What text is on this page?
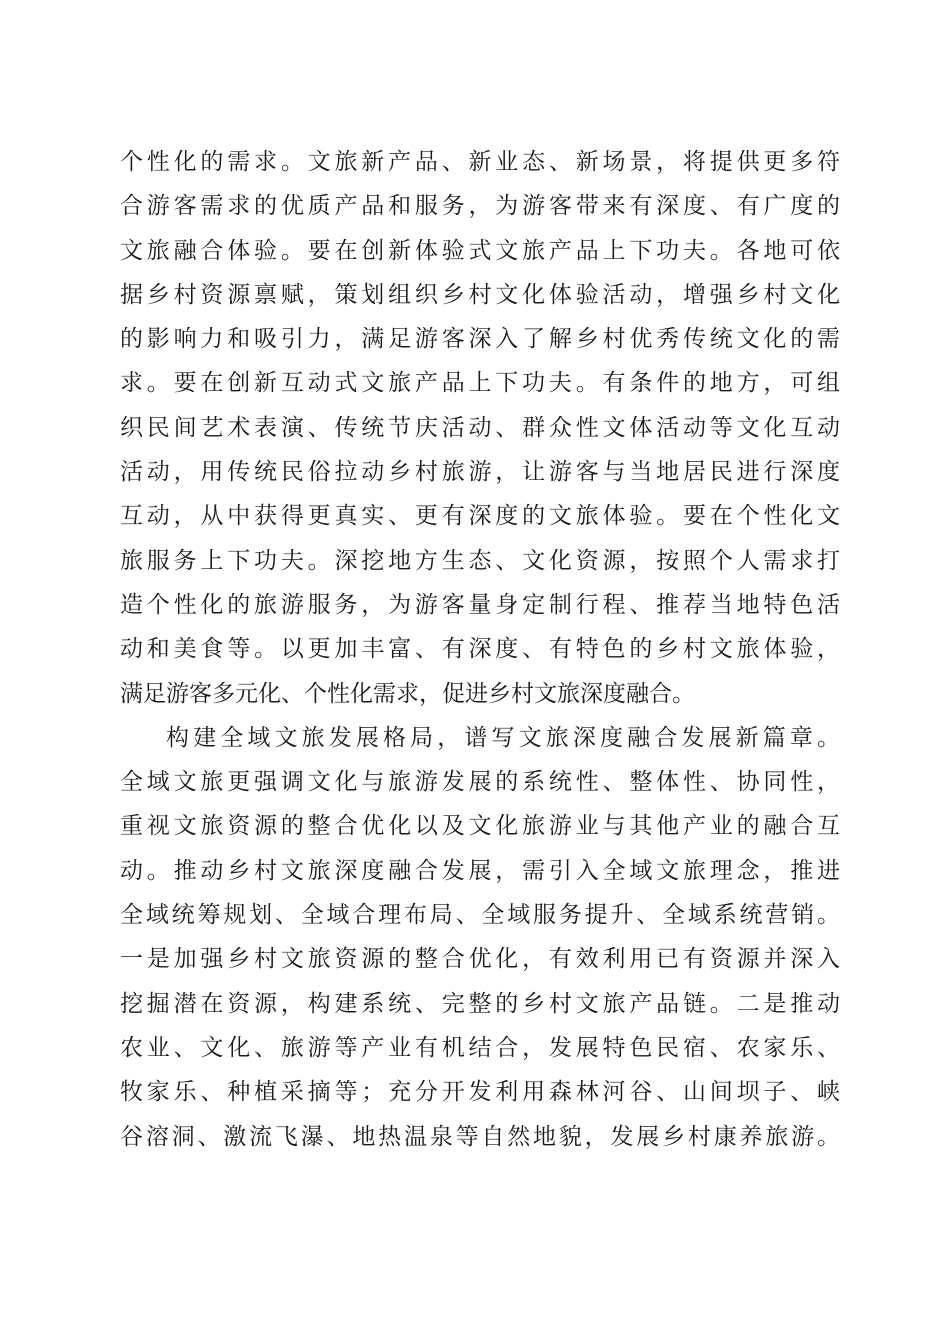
个性化的需求。文旅新产品、新业态、新场景，将提供更多符
合游客需求的优质产品和服务，为游客带来有深度、有广度的
文旅融合体验。要在创新体验式文旅产品上下功夫。各地可依
据乡村资源禀赋，策划组织乡村文化体验活动，增强乡村文化
的影响力和吸引力，满足游客深入了解乡村优秀传统文化的需
求。要在创新互动式文旅产品上下功夫。有条件的地方，可组
织民间艺术表演、传统节庆活动、群众性文体活动等文化互动
活动，用传统民俗拉动乡村旅游，让游客与当地居民进行深度
互动，从中获得更真实、更有深度的文旅体验。要在个性化文
旅服务上下功夫。深挖地方生态、文化资源，按照个人需求打
造个性化的旅游服务，为游客量身定制行程、推荐当地特色活
动和美食等。以更加丰富、有深度、有特色的乡村文旅体验，
满足游客多元化、个性化需求，促进乡村文旅深度融合。
构建全域文旅发展格局，谱写文旅深度融合发展新篇章。
全域文旅更强调文化与旅游发展的系统性、整体性、协同性，
重视文旅资源的整合优化以及文化旅游业与其他产业的融合互
动。推动乡村文旅深度融合发展，需引入全域文旅理念，推进
全域统筹规划、全域合理布局、全域服务提升、全域系统营销。
一是加强乡村文旅资源的整合优化，有效利用已有资源并深入
挖掘潜在资源，构建系统、完整的乡村文旅产品链。二是推动
农业、文化、旅游等产业有机结合，发展特色民宿、农家乐、
牧家乐、种植采摘等；充分开发利用森林河谷、山间坝子、峡
谷溶洞、激流飞瀑、地热温泉等自然地貌，发展乡村康养旅游。
